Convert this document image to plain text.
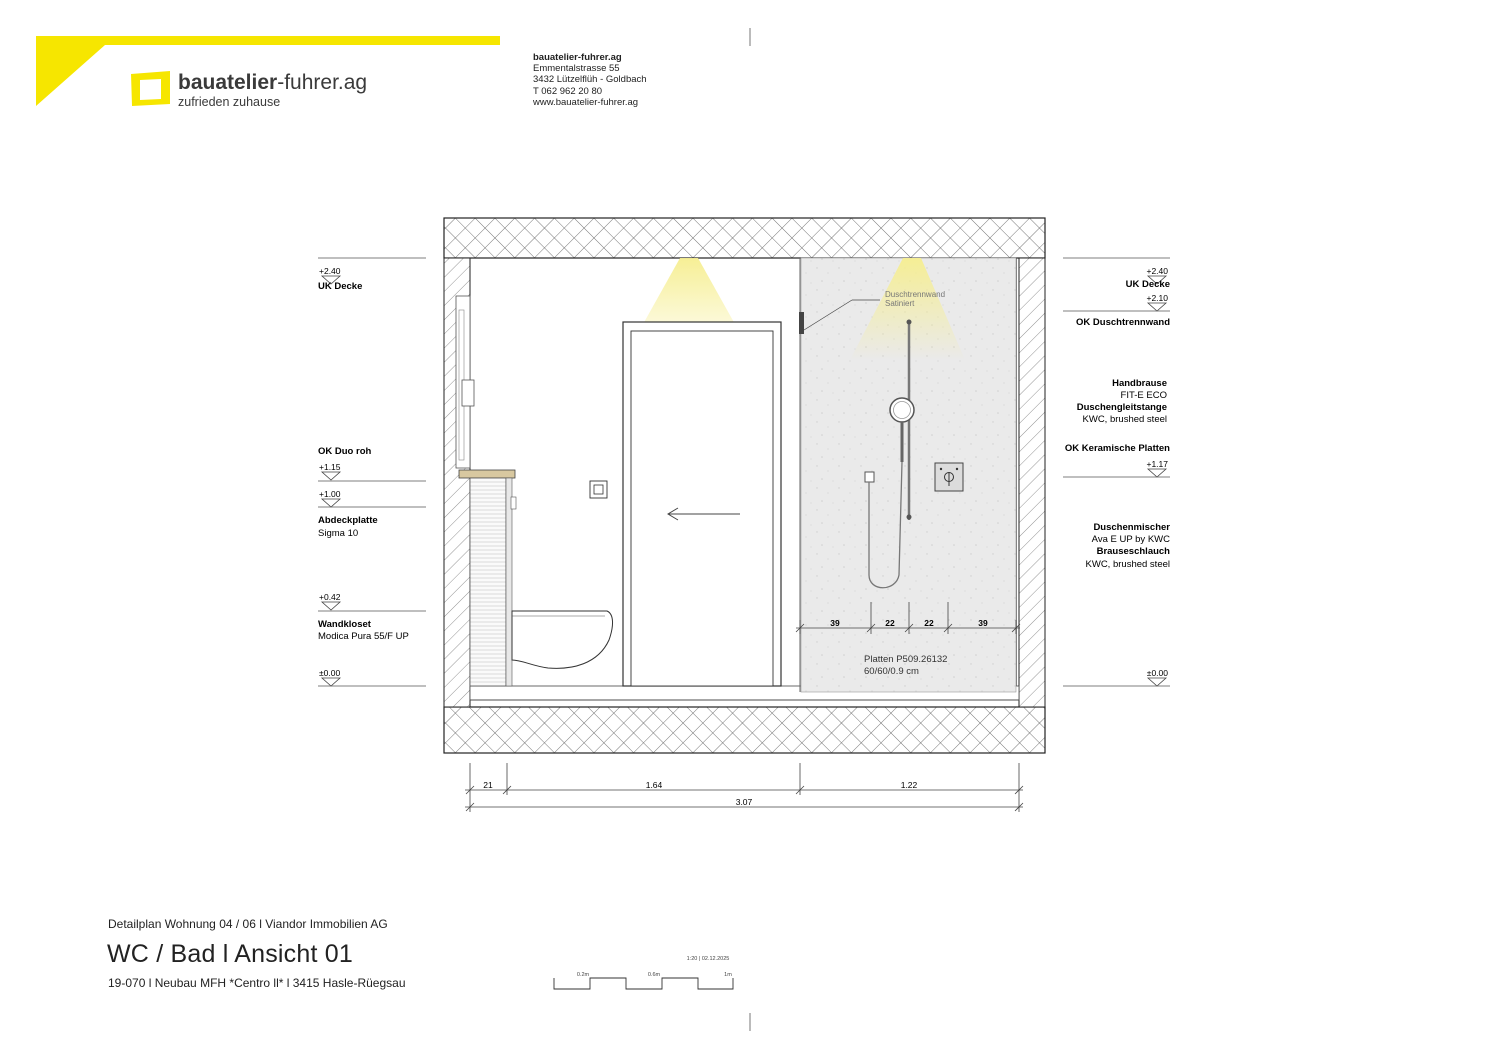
bauatelier-fuhrer.ag
zufrieden zuhause
bauatelier-fuhrer.ag
Emmentalstrasse 55
3432 Lützelflüh - Goldbach
T 062 962 20 80
www.bauatelier-fuhrer.ag
Duschtrennwand
Satiniert
39	22	22	39
Platten P509.26132
60/60/0.9 cm
21	1.64	1.22
3.07
+2.40
UK Decke
OK Duo roh
+1.15
+1.00
Abdeckplatte
Sigma 10
+0.42
Wandkloset
Modica Pura 55/F UP
±0.00
+2.40
UK Decke
+2.10
OK Duschtrennwand
Handbrause
FIT-E ECO
Duschengleitstange
KWC, brushed steel
OK Keramische Platten
+1.17
Duschenmischer
Ava E UP by KWC
Brauseschlauch
KWC, brushed steel
±0.00
1:20 | 02.12.2025
0.2m	0.6m	1m
Detailplan Wohnung 04 / 06 l Viandor Immobilien AG
WC / Bad l Ansicht 01
19-070 l Neubau MFH *Centro ll* l 3415 Hasle-Rüegsau
